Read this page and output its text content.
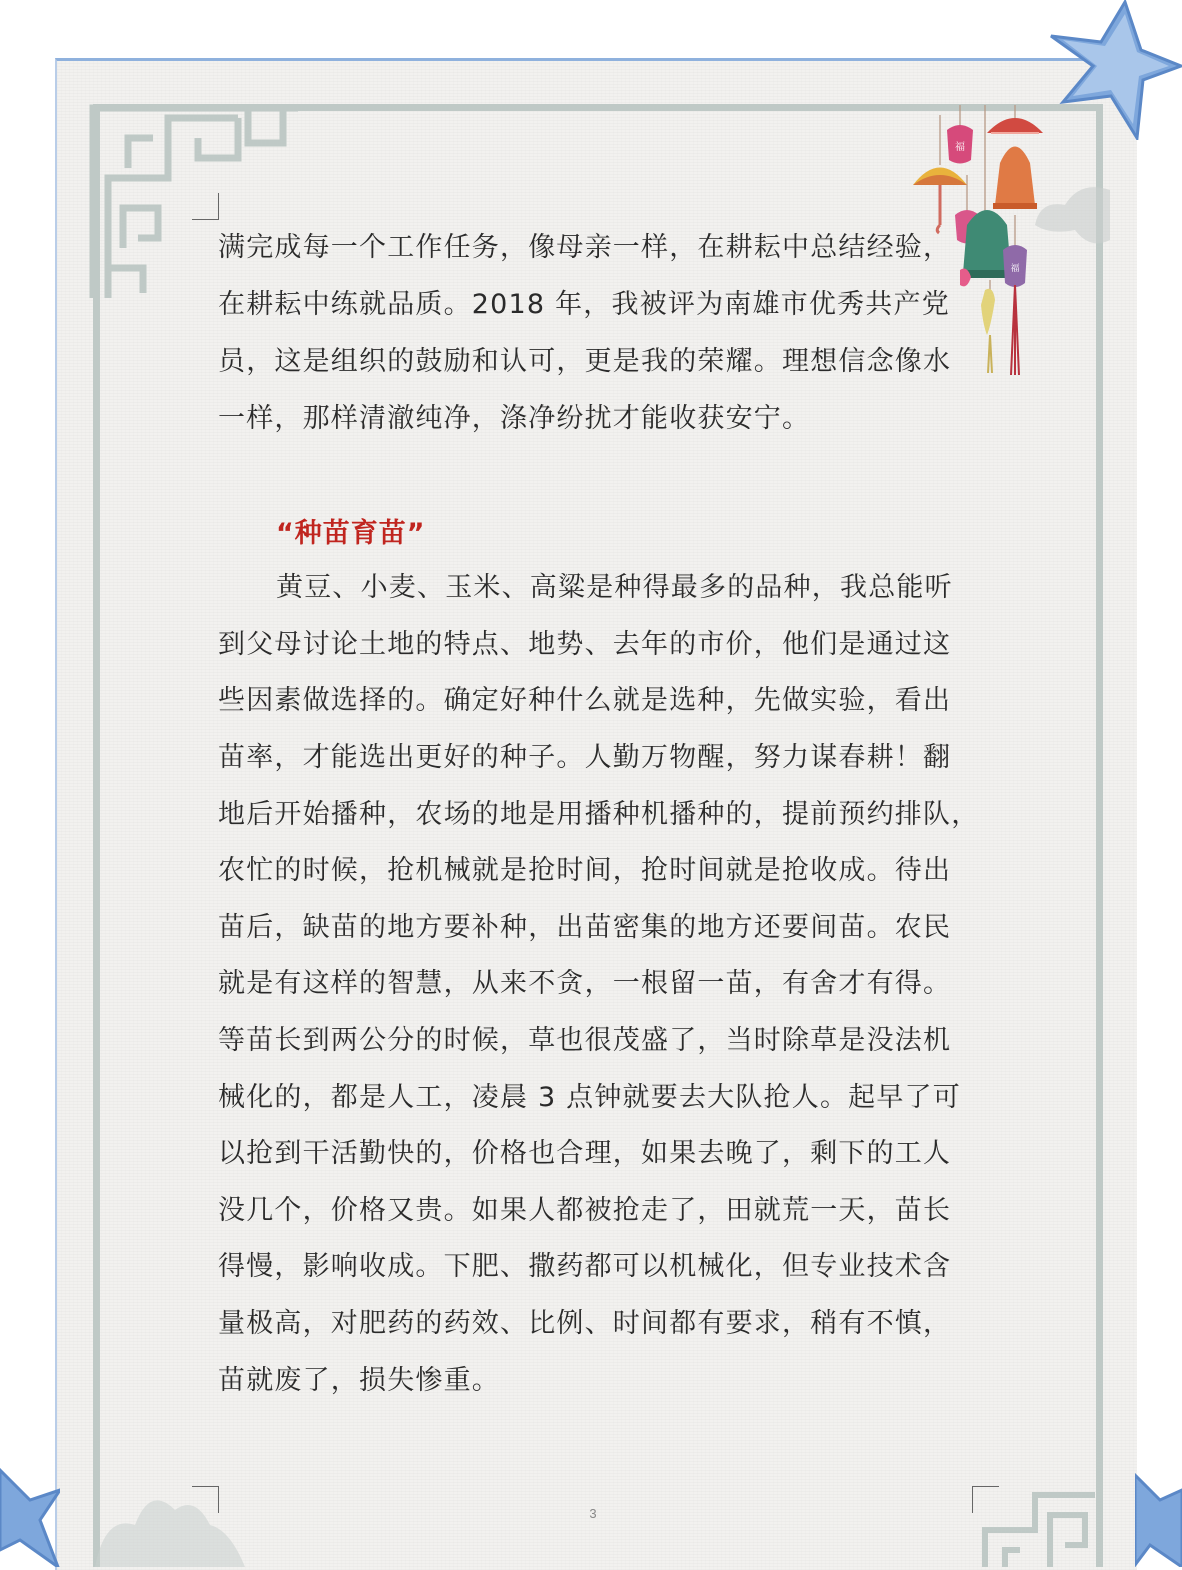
福
福
满完成每一个工作任务，像母亲一样，在耕耘中总结经验，
在耕耘中练就品质。2018 年，我被评为南雄市优秀共产党
员，这是组织的鼓励和认可，更是我的荣耀。理想信念像水
一样，那样清澈纯净，涤净纷扰才能收获安宁。
“种苗育苗”
黄豆、小麦、玉米、高粱是种得最多的品种，我总能听
到父母讨论土地的特点、地势、去年的市价，他们是通过这
些因素做选择的。确定好种什么就是选种，先做实验，看出
苗率，才能选出更好的种子。人勤万物醒，努力谋春耕！翻
地后开始播种，农场的地是用播种机播种的，提前预约排队，
农忙的时候，抢机械就是抢时间，抢时间就是抢收成。待出
苗后，缺苗的地方要补种，出苗密集的地方还要间苗。农民
就是有这样的智慧，从来不贪，一根留一苗，有舍才有得。
等苗长到两公分的时候，草也很茂盛了，当时除草是没法机
械化的，都是人工，凌晨 3 点钟就要去大队抢人。起早了可
以抢到干活勤快的，价格也合理，如果去晚了，剩下的工人
没几个，价格又贵。如果人都被抢走了，田就荒一天，苗长
得慢，影响收成。下肥、撒药都可以机械化，但专业技术含
量极高，对肥药的药效、比例、时间都有要求，稍有不慎，
苗就废了，损失惨重。
3
